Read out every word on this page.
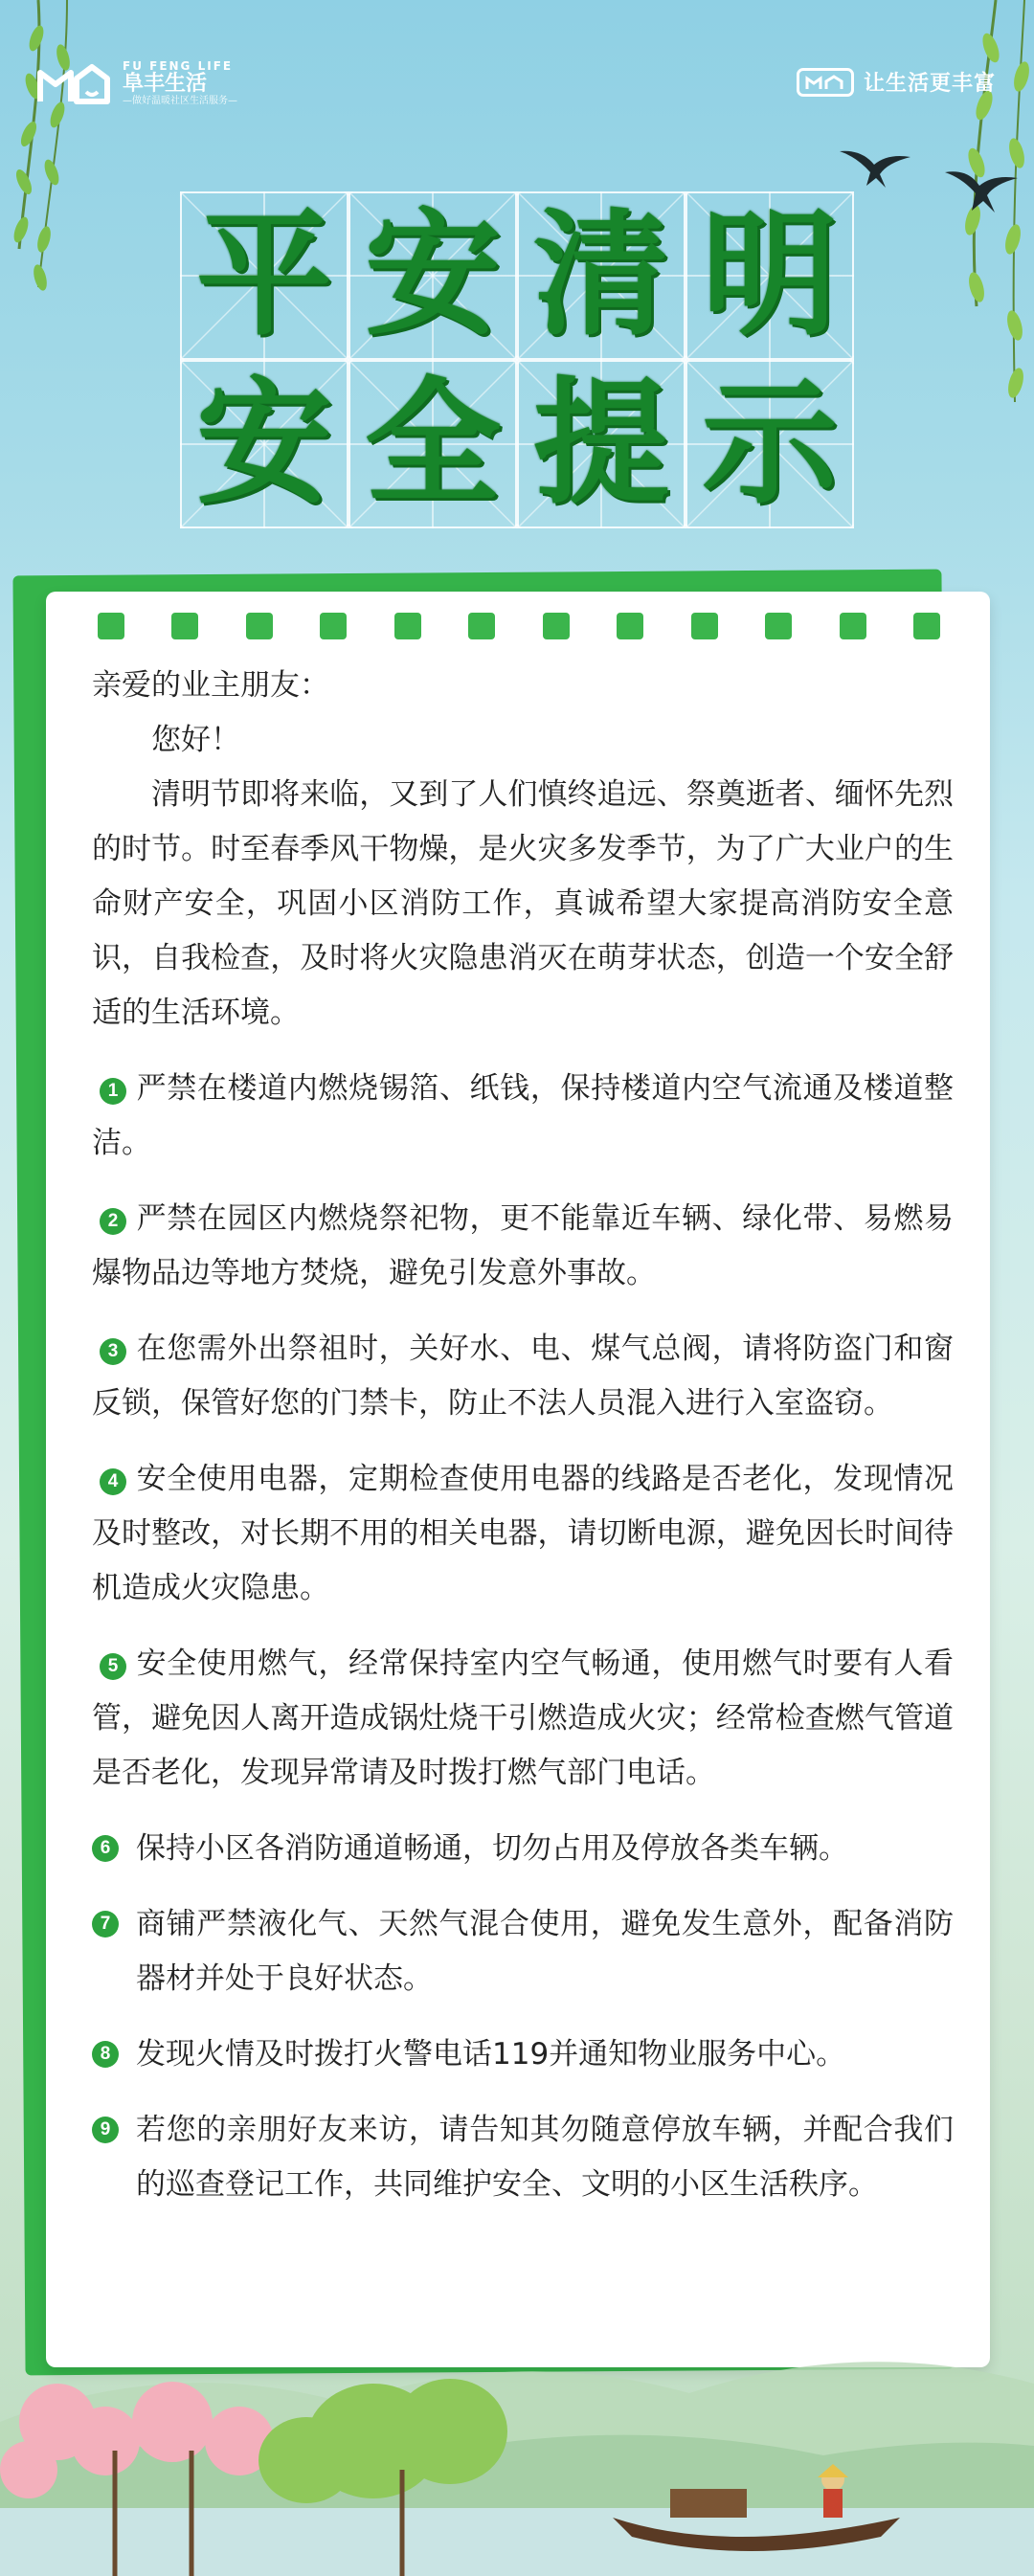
FU FENG LIFE
阜丰生活
—做好温暖社区生活服务—
让生活更丰富
平 安 清 明
安 全 提 示

亲爱的业主朋友：

您好！

清明节即将来临，又到了人们慎终追远、祭奠逝者、缅怀先烈的时节。时至春季风干物燥，是火灾多发季节，为了广大业户的生命财产安全，巩固小区消防工作，真诚希望大家提高消防安全意识，自我检查，及时将火灾隐患消灭在萌芽状态，创造一个安全舒适的生活环境。

1 严禁在楼道内燃烧锡箔、纸钱，保持楼道内空气流通及楼道整洁。

2 严禁在园区内燃烧祭祀物，更不能靠近车辆、绿化带、易燃易爆物品边等地方焚烧，避免引发意外事故。

3 在您需外出祭祖时，关好水、电、煤气总阀，请将防盗门和窗反锁，保管好您的门禁卡，防止不法人员混入进行入室盗窃。

4 安全使用电器，定期检查使用电器的线路是否老化，发现情况及时整改，对长期不用的相关电器，请切断电源，避免因长时间待机造成火灾隐患。

5 安全使用燃气，经常保持室内空气畅通，使用燃气时要有人看管，避免因人离开造成锅灶烧干引燃造成火灾；经常检查燃气管道是否老化，发现异常请及时拨打燃气部门电话。

6 保持小区各消防通道畅通，切勿占用及停放各类车辆。

7 商铺严禁液化气、天然气混合使用，避免发生意外，配备消防器材并处于良好状态。

8 发现火情及时拨打火警电话119并通知物业服务中心。

9 若您的亲朋好友来访，请告知其勿随意停放车辆，并配合我们的巡查登记工作，共同维护安全、文明的小区生活秩序。
